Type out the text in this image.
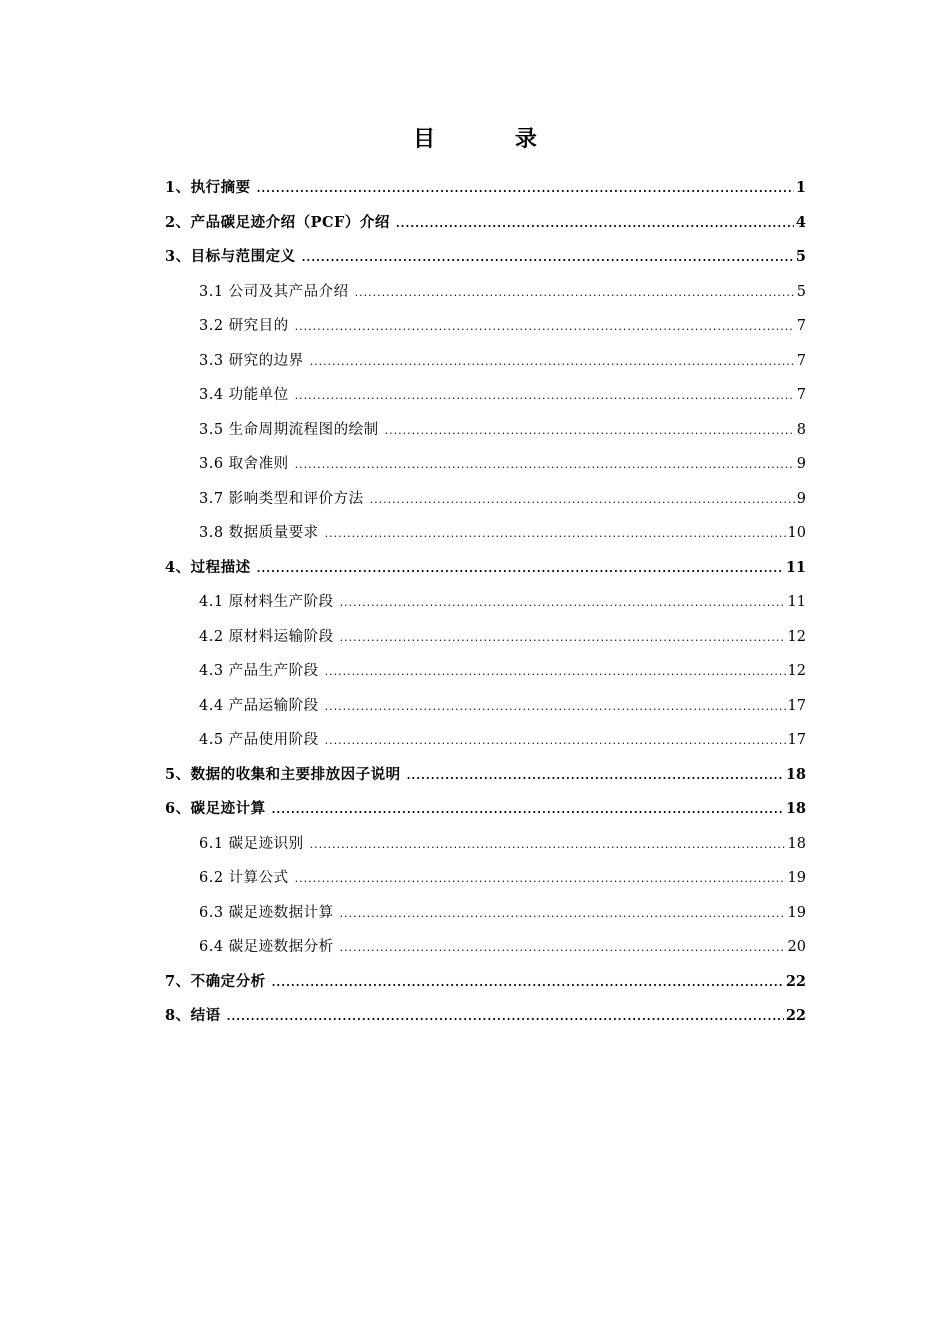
目 录
1、执行摘要 .....	1
2、产品碳足迹介绍（PCF）介绍 .....	4
3、目标与范围定义 .....	5
3.1 公司及其产品介绍 .....	5
3.2 研究目的 .....	7
3.3 研究的边界 .....	7
3.4 功能单位 .....	7
3.5 生命周期流程图的绘制 .....	8
3.6 取舍准则 .....	9
3.7 影响类型和评价方法 .....	9
3.8 数据质量要求 .....	10
4、过程描述 .....	11
4.1 原材料生产阶段 .....	11
4.2 原材料运输阶段 .....	12
4.3 产品生产阶段 .....	12
4.4 产品运输阶段 .....	17
4.5 产品使用阶段 .....	17
5、数据的收集和主要排放因子说明 .....	18
6、碳足迹计算 .....	18
6.1 碳足迹识别 .....	18
6.2 计算公式 .....	19
6.3 碳足迹数据计算 .....	19
6.4 碳足迹数据分析 .....	20
7、不确定分析 .....	22
8、结语 .....	22
